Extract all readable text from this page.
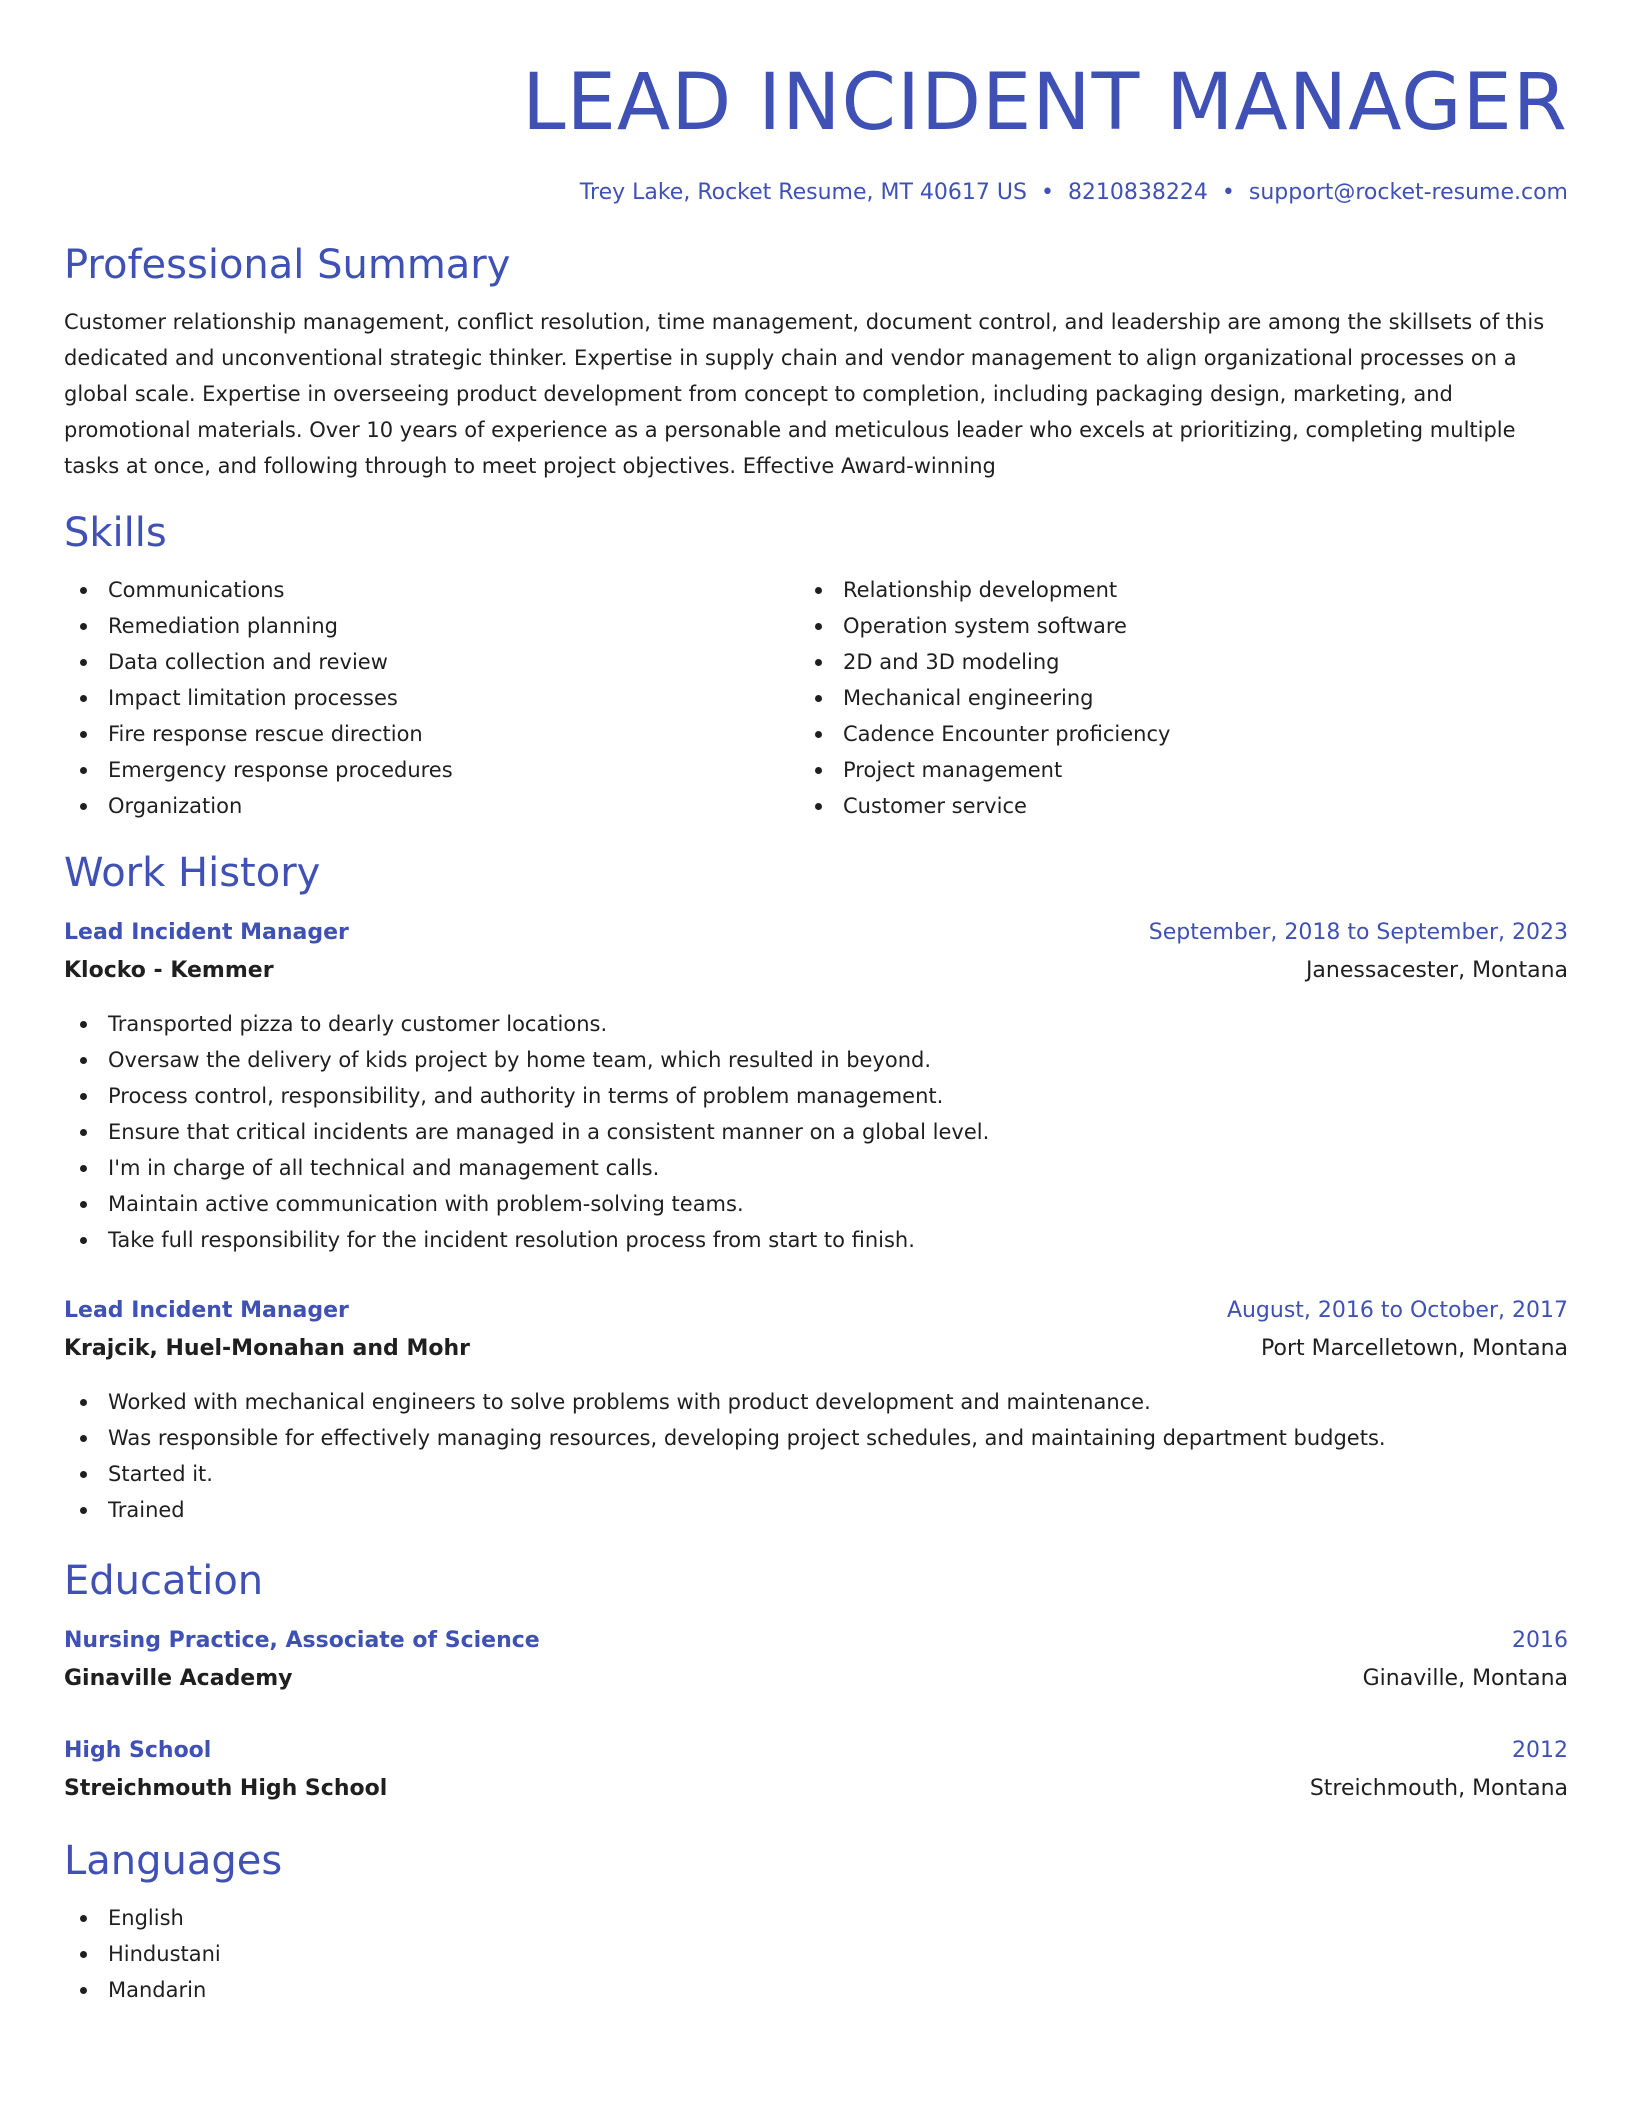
LEAD INCIDENT MANAGER
Trey Lake, Rocket Resume, MT 40617 US • 8210838224 • support@rocket-resume.com
Professional Summary

Customer relationship management, conflict resolution, time management, document control, and leadership are among the skillsets of this dedicated and unconventional strategic thinker. Expertise in supply chain and vendor management to align organizational processes on a global scale. Expertise in overseeing product development from concept to completion, including packaging design, marketing, and promotional materials. Over 10 years of experience as a personable and meticulous leader who excels at prioritizing, completing multiple tasks at once, and following through to meet project objectives. Effective Award-winning

Skills
Communications
Remediation planning
Data collection and review
Impact limitation processes
Fire response rescue direction
Emergency response procedures
Organization
Relationship development
Operation system software
2D and 3D modeling
Mechanical engineering
Cadence Encounter proficiency
Project management
Customer service
Work History
Lead Incident Manager	September, 2018 to September, 2023
Klocko - Kemmer	Janessacester, Montana
Transported pizza to dearly customer locations.
Oversaw the delivery of kids project by home team, which resulted in beyond.
Process control, responsibility, and authority in terms of problem management.
Ensure that critical incidents are managed in a consistent manner on a global level.
I'm in charge of all technical and management calls.
Maintain active communication with problem-solving teams.
Take full responsibility for the incident resolution process from start to finish.
Lead Incident Manager	August, 2016 to October, 2017
Krajcik, Huel-Monahan and Mohr	Port Marcelletown, Montana
Worked with mechanical engineers to solve problems with product development and maintenance.
Was responsible for effectively managing resources, developing project schedules, and maintaining department budgets.
Started it.
Trained
Education
Nursing Practice, Associate of Science	2016
Ginaville Academy	Ginaville, Montana
High School	2012
Streichmouth High School	Streichmouth, Montana
Languages
English
Hindustani
Mandarin
